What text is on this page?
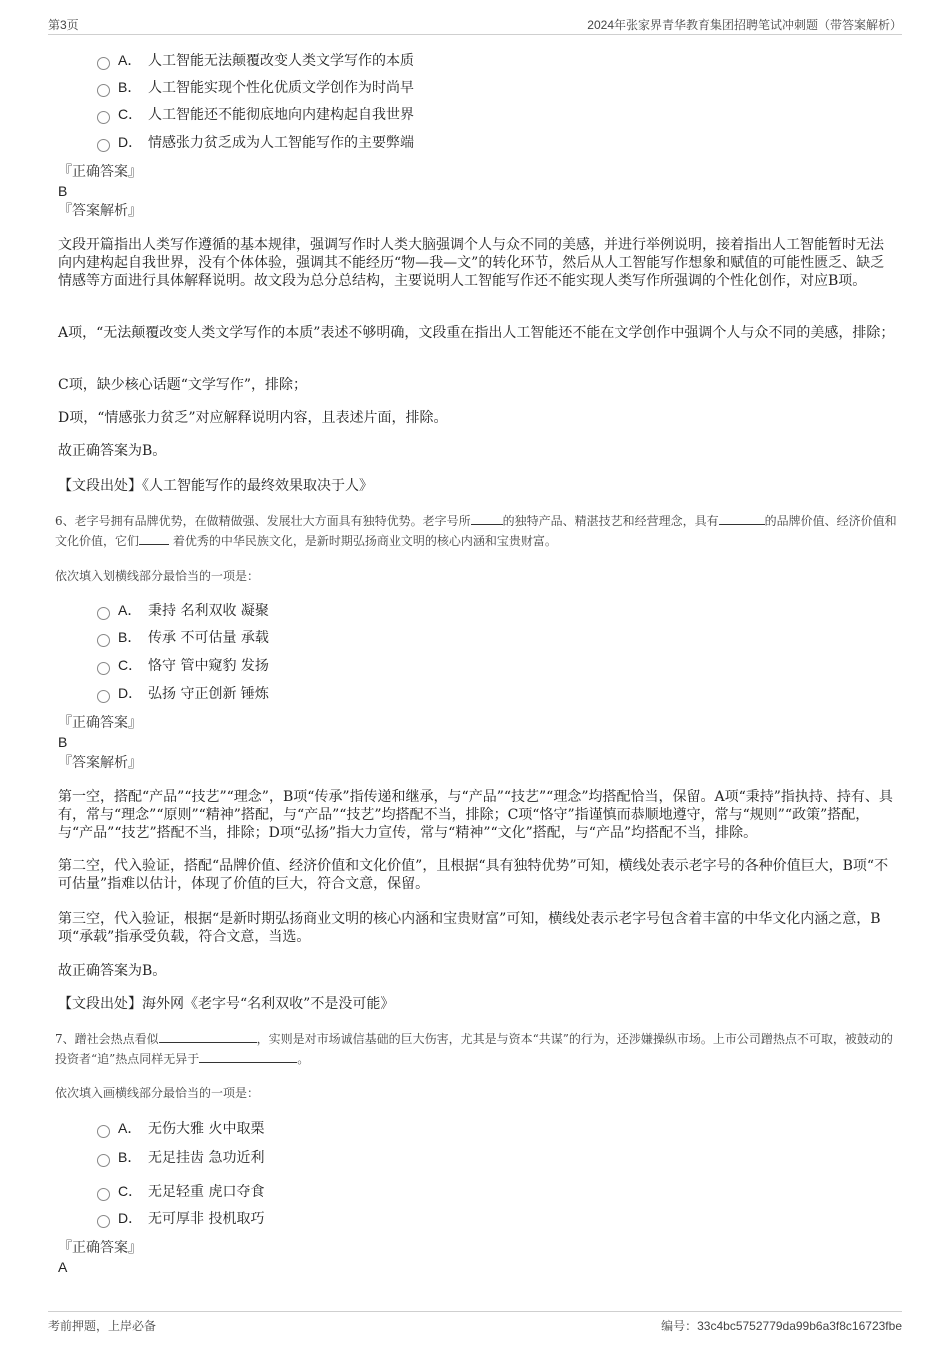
第3页	2024年张家界青华教育集团招聘笔试冲刺题（带答案解析）
A． 人工智能无法颠覆改变人类文学写作的本质
B． 人工智能实现个性化优质文学创作为时尚早
C． 人工智能还不能彻底地向内建构起自我世界
D． 情感张力贫乏成为人工智能写作的主要弊端
『正确答案』
B
『答案解析』
文段开篇指出人类写作遵循的基本规律，强调写作时人类大脑强调个人与众不同的美感，并进行举例说明，接着指出人工智能暂时无法向内建构起自我世界，没有个体体验，强调其不能经历“物—我—文”的转化环节，然后从人工智能写作想象和赋值的可能性匮乏、缺乏情感等方面进行具体解释说明。故文段为总分总结构，主要说明人工智能写作还不能实现人类写作所强调的个性化创作，对应B项。
A项，“无法颠覆改变人类文学写作的本质”表述不够明确，文段重在指出人工智能还不能在文学创作中强调个人与众不同的美感，排除；
C项，缺少核心话题“文学写作”，排除；
D项，“情感张力贫乏”对应解释说明内容，且表述片面，排除。
故正确答案为B。
【文段出处】《人工智能写作的最终效果取决于人》
6、老字号拥有品牌优势，在做精做强、发展壮大方面具有独特优势。老字号所	的独特产品、精湛技艺和经营理念，具有	的品牌价值、经济价值和文化价值，它们	着优秀的中华民族文化，是新时期弘扬商业文明的核心内涵和宝贵财富。
依次填入划横线部分最恰当的一项是：
A． 秉持 名利双收 凝聚
B． 传承 不可估量 承载
C． 恪守 管中窥豹 发扬
D． 弘扬 守正创新 锤炼
『正确答案』
B
『答案解析』
第一空，搭配“产品”“技艺”“理念”，B项“传承”指传递和继承，与“产品”“技艺”“理念”均搭配恰当，保留。A项“秉持”指执持、持有、具有，常与“理念”“原则”“精神”搭配，与“产品”“技艺”均搭配不当，排除；C项“恪守”指谨慎而恭顺地遵守，常与“规则”“政策”搭配，与“产品”“技艺”搭配不当，排除；D项“弘扬”指大力宣传，常与“精神”“文化”搭配，与“产品”均搭配不当，排除。
第二空，代入验证，搭配“品牌价值、经济价值和文化价值”，且根据“具有独特优势”可知，横线处表示老字号的各种价值巨大，B项“不可估量”指难以估计，体现了价值的巨大，符合文意，保留。
第三空，代入验证，根据“是新时期弘扬商业文明的核心内涵和宝贵财富”可知，横线处表示老字号包含着丰富的中华文化内涵之意，B项“承载”指承受负载，符合文意，当选。
故正确答案为B。
【文段出处】海外网《老字号“名利双收”不是没可能》
7、蹭社会热点看似	，实则是对市场诚信基础的巨大伤害，尤其是与资本“共谋”的行为，还涉嫌操纵市场。上市公司蹭热点不可取，被鼓动的投资者“追”热点同样无异于	。
依次填入画横线部分最恰当的一项是：
A． 无伤大雅 火中取栗
B． 无足挂齿 急功近利
C． 无足轻重 虎口夺食
D． 无可厚非 投机取巧
『正确答案』
A
考前押题，上岸必备	编号：33c4bc5752779da99b6a3f8c16723fbe
